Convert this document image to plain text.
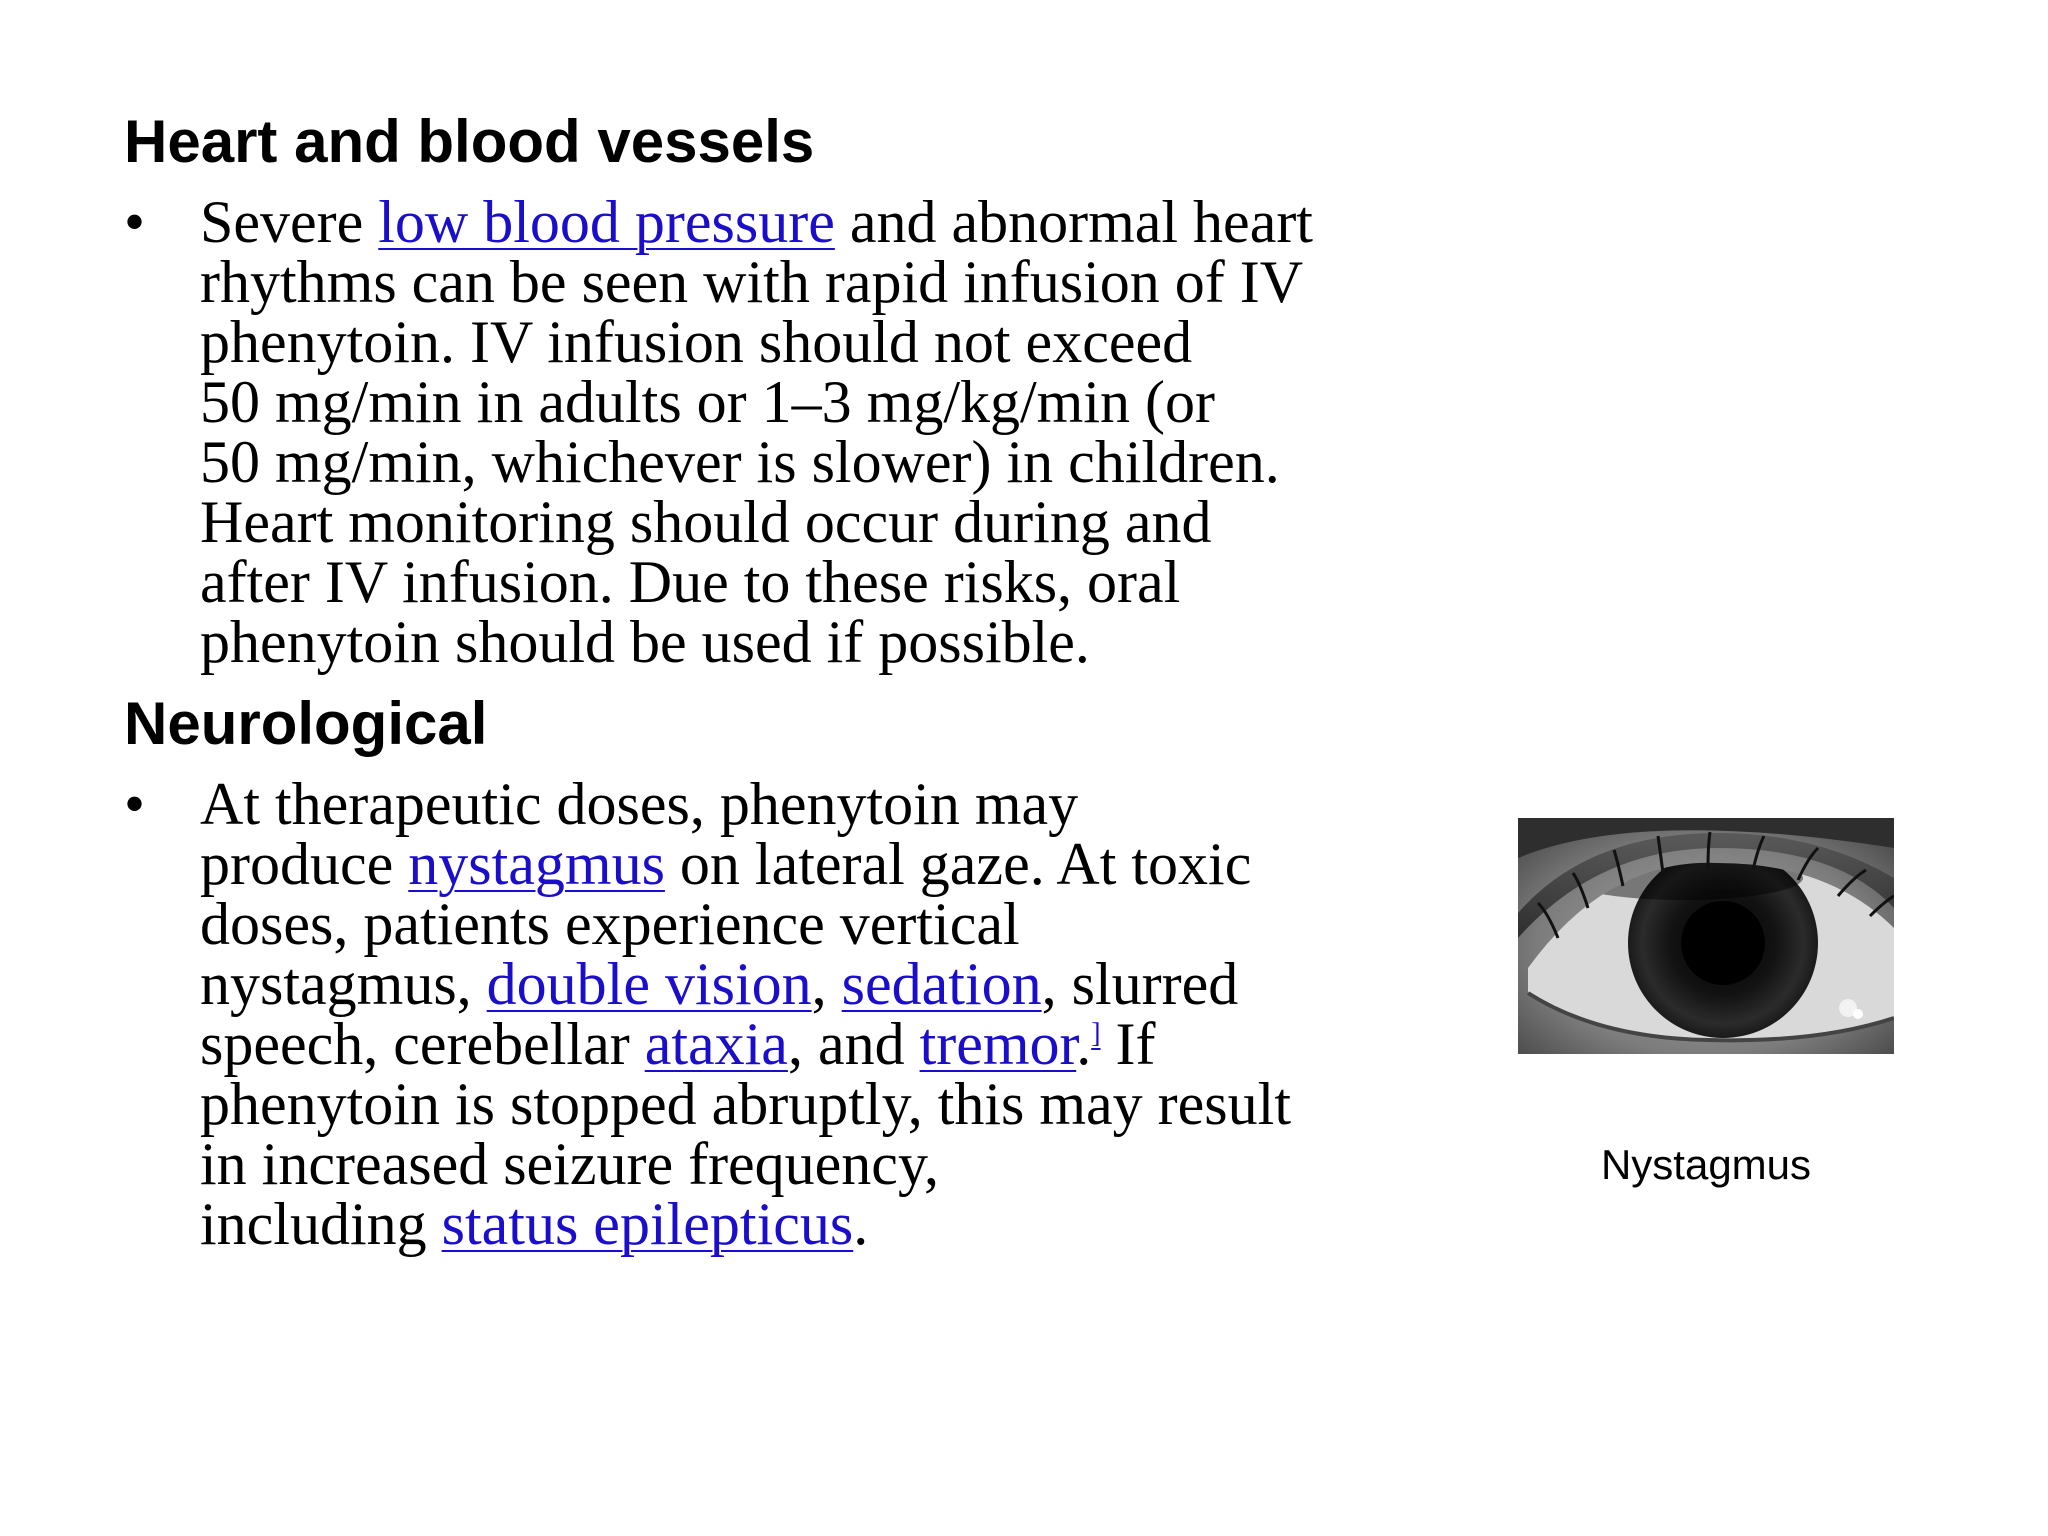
Heart and blood vessels
• Severe low blood pressure and abnormal heart
rhythms can be seen with rapid infusion of IV
phenytoin. IV infusion should not exceed
50 mg/min in adults or 1–3 mg/kg/min (or
50 mg/min, whichever is slower) in children.
Heart monitoring should occur during and
after IV infusion. Due to these risks, oral
phenytoin should be used if possible.
Neurological
• At therapeutic doses, phenytoin may
produce nystagmus on lateral gaze. At toxic
doses, patients experience vertical
nystagmus, double vision, sedation, slurred
speech, cerebellar ataxia, and tremor.] If
phenytoin is stopped abruptly, this may result
in increased seizure frequency,
including status epilepticus.
Nystagmus
